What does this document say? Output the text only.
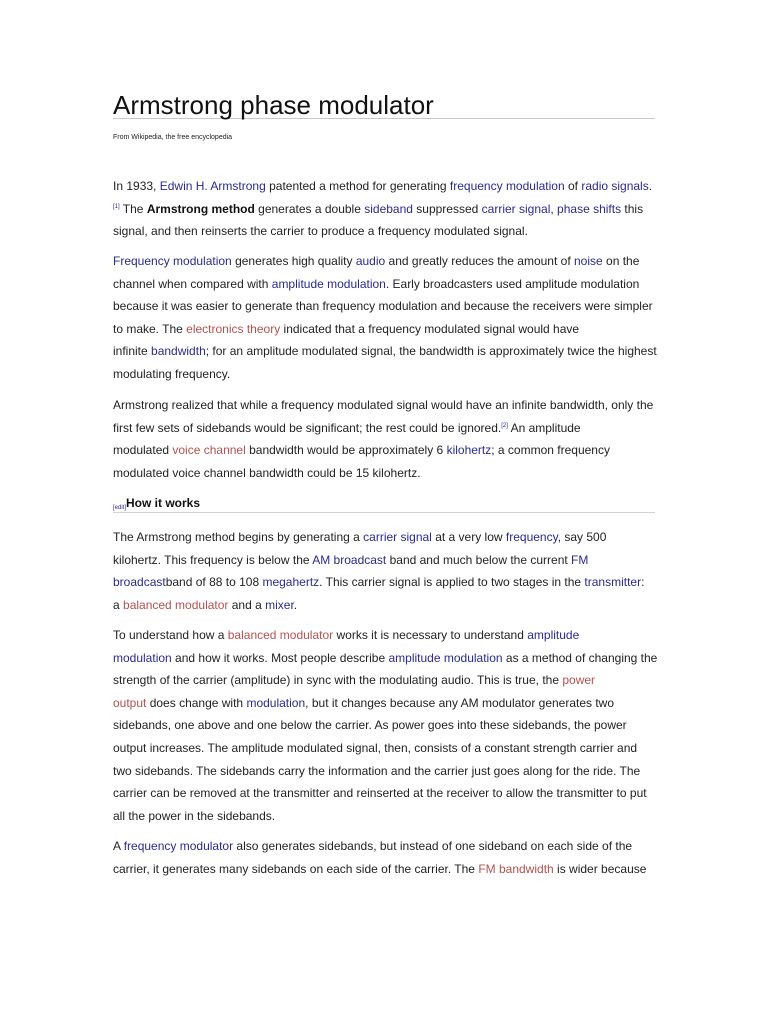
Armstrong phase modulator
From Wikipedia, the free encyclopedia
In 1933, Edwin H. Armstrong patented a method for generating frequency modulation of radio signals.
[1] The Armstrong method generates a double sideband suppressed carrier signal, phase shifts this
signal, and then reinserts the carrier to produce a frequency modulated signal.
Frequency modulation generates high quality audio and greatly reduces the amount of noise on the
channel when compared with amplitude modulation. Early broadcasters used amplitude modulation
because it was easier to generate than frequency modulation and because the receivers were simpler
to make. The electronics theory indicated that a frequency modulated signal would have
infinite bandwidth; for an amplitude modulated signal, the bandwidth is approximately twice the highest
modulating frequency.
Armstrong realized that while a frequency modulated signal would have an infinite bandwidth, only the
first few sets of sidebands would be significant; the rest could be ignored.[2] An amplitude
modulated voice channel bandwidth would be approximately 6 kilohertz; a common frequency
modulated voice channel bandwidth could be 15 kilohertz.
[edit]How it works
The Armstrong method begins by generating a carrier signal at a very low frequency, say 500
kilohertz. This frequency is below the AM broadcast band and much below the current FM
broadcastband of 88 to 108 megahertz. This carrier signal is applied to two stages in the transmitter:
a balanced modulator and a mixer.
To understand how a balanced modulator works it is necessary to understand amplitude
modulation and how it works. Most people describe amplitude modulation as a method of changing the
strength of the carrier (amplitude) in sync with the modulating audio. This is true, the power
output does change with modulation, but it changes because any AM modulator generates two
sidebands, one above and one below the carrier. As power goes into these sidebands, the power
output increases. The amplitude modulated signal, then, consists of a constant strength carrier and
two sidebands. The sidebands carry the information and the carrier just goes along for the ride. The
carrier can be removed at the transmitter and reinserted at the receiver to allow the transmitter to put
all the power in the sidebands.
A frequency modulator also generates sidebands, but instead of one sideband on each side of the
carrier, it generates many sidebands on each side of the carrier. The FM bandwidth is wider because
